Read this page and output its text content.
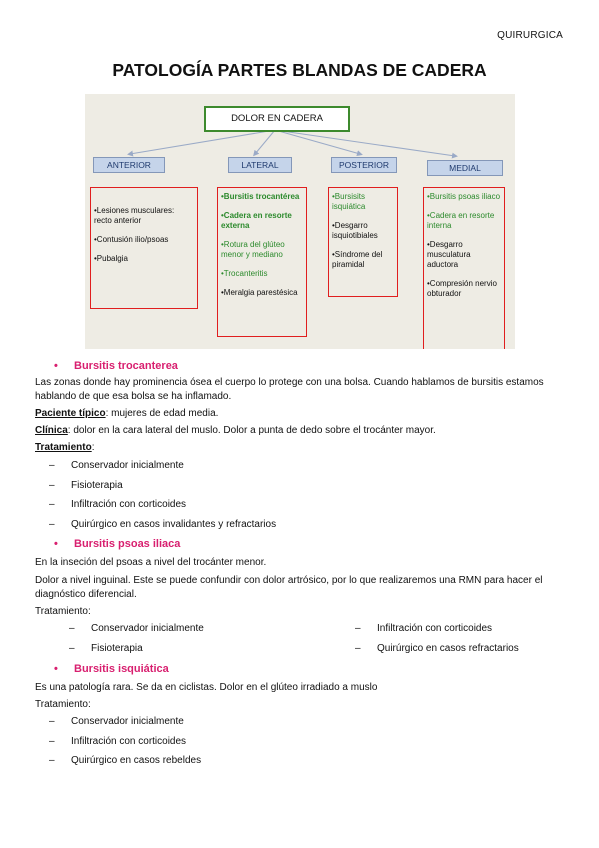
QUIRURGICA
PATOLOGÍA PARTES BLANDAS DE CADERA
DOLOR EN CADERA
ANTERIOR	LATERAL	POSTERIOR	MEDIAL
•Lesiones musculares: recto anterior
•Contusión ilio/psoas
•Pubalgia
•Bursitis trocantérea
•Cadera en resorte externa
•Rotura del glúteo menor y mediano
•Trocanteritis
•Meralgia parestésica
•Bursisits isquiática
•Desgarro isquiotibiales
•Síndrome del piramidal
•Bursitis psoas iliaco
•Cadera en resorte interna
•Desgarro musculatura aductora
•Compresión nervio obturador
• Bursitis trocanterea

Las zonas donde hay prominencia ósea el cuerpo lo protege con una bolsa. Cuando hablamos de bursitis estamos hablando de que esa bolsa se ha inflamado.

Paciente típico: mujeres de edad media.

Clínica: dolor en la cara lateral del muslo. Dolor a punta de dedo sobre el trocánter mayor.

Tratamiento:

– Conservador inicialmente
– Fisioterapia
– Infiltración con corticoides
– Quirúrgico en casos invalidantes y refractarios
• Bursitis psoas iliaca

En la inseción del psoas a nivel del trocánter menor.

Dolor a nivel inguinal. Este se puede confundir con dolor artrósico, por lo que realizaremos una RMN para hacer el diagnóstico diferencial.

Tratamiento:

– Conservador inicialmente
– Fisioterapia
– Infiltración con corticoides
– Quirúrgico en casos refractarios
• Bursitis isquiática

Es una patología rara. Se da en ciclistas. Dolor en el glúteo irradiado a muslo

Tratamiento:

– Conservador inicialmente
– Infiltración con corticoides
– Quirúrgico en casos rebeldes
